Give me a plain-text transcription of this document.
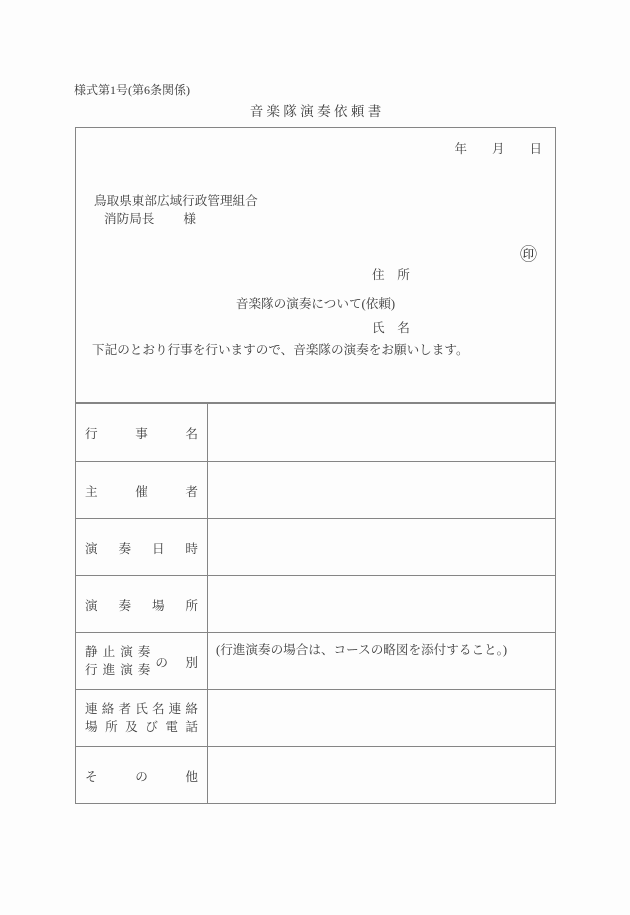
様式第1号(第6条関係)
音 楽 隊 演 奏 依 頼 書
年　　月　　日
鳥取県東部広域行政管理組合
消防局長 様

住　所

氏　名

㊞
音楽隊の演奏について(依頼)
下記のとおり行事を行いますので、音楽隊の演奏をお願いします。
行事名
主催者
演奏日時
演奏場所
静止演奏
行進演奏
の 別
(行進演奏の場合は、コースの略図を添付すること。)
連絡者氏名連絡
場所及び電話
その他
